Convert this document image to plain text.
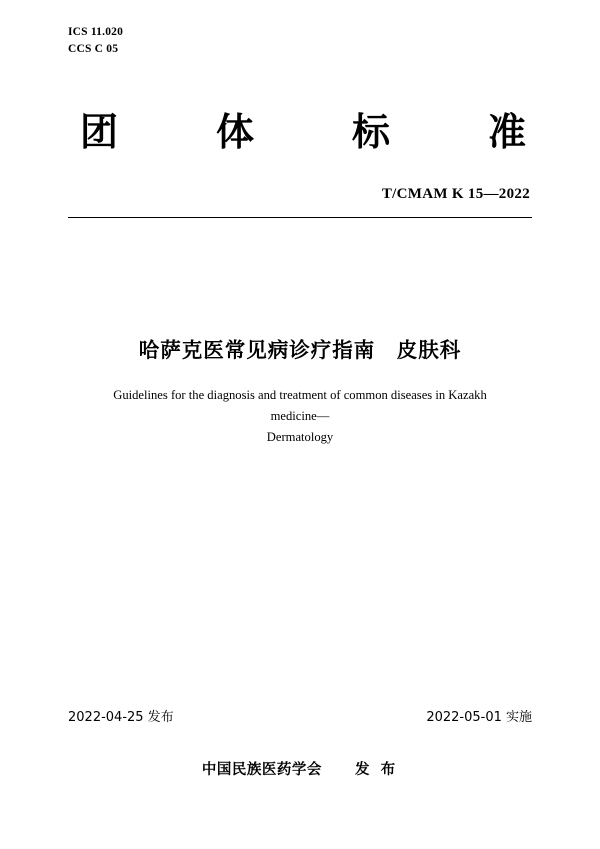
ICS 11.020
CCS C 05
团	体	标	准
T/CMAM K 15—2022
哈萨克医常见病诊疗指南　皮肤科
Guidelines for the diagnosis and treatment of common diseases in Kazakh medicine—
Dermatology
2022-04-25 发布	2022-05-01 实施
中国民族医药学会 发 布
